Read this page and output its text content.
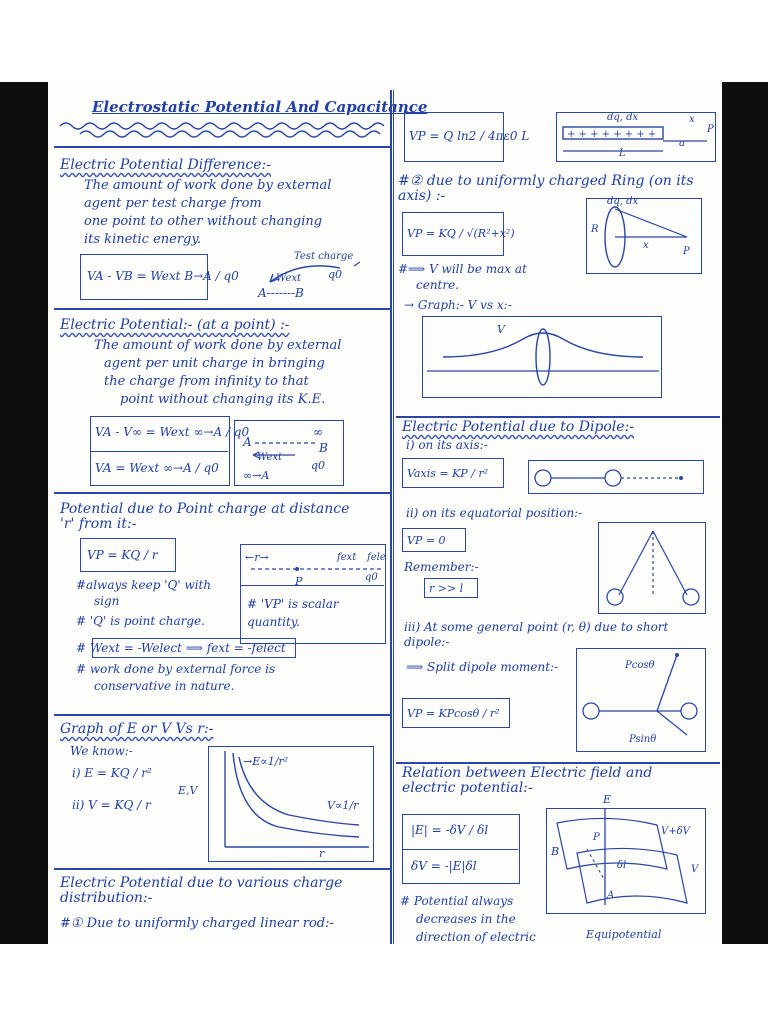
Electrostatic Potential And Capacitance
Electric Potential Difference:-
The amount of work done by external
agent per test charge from
one point to other without changing
its kinetic energy.
VA - VB = Wext B→A / q0
Test charge
Wext q0
A-------B
Electric Potential:- (at a point) :-
The amount of work done by external
agent per unit charge in bringing
the charge from infinity to that
point without changing its K.E.
VA - V∞ = Wext ∞→A / q0
VA = Wext ∞→A / q0
A
∞
B
Wext
q0
∞→A
Potential due to Point charge at distance 'r' from it:-
VP = KQ / r	←r→	fext fele
P	q0
# 'VP' is scalar quantity.
#always keep 'Q' with
sign
# 'Q' is point charge.
# Wext = -Welect ⟹ fext = -felect
# work done by external force is
conservative in nature.
Graph of E or V Vs r:-
We know:-
i) E = KQ / r²
ii) V = KQ / r
E,V
→E∝1/r²
V∝1/r
r
Electric Potential due to various charge distribution:-
#① Due to uniformly charged linear rod:-
VP = Q ln2 / 4πε0 L
dq, dx	x
P
L
a
+ + + + + + + +
#② due to uniformly charged Ring (on its axis) :-
VP = KQ / √(R²+x²)
dq, dx
R
x
P
#⟹ V will be max at
centre.
→ Graph:- V vs x:-
V
Electric Potential due to Dipole:-
i) on its axis:-
Vaxis = KP / r²
ii) on its equatorial position:-
VP = 0
Remember:-
r >> l
iii) At some general point (r, θ) due to short dipole:-
⟹ Split dipole moment:-
VP = KPcosθ / r²
Pcosθ
Psinθ
Relation between Electric field and electric potential:-
|E| = -δV / δl
δV = -|E|δl
# Potential always
decreases in the
direction of electric
E
B
P
A
V+δV
V
δl
Equipotential
